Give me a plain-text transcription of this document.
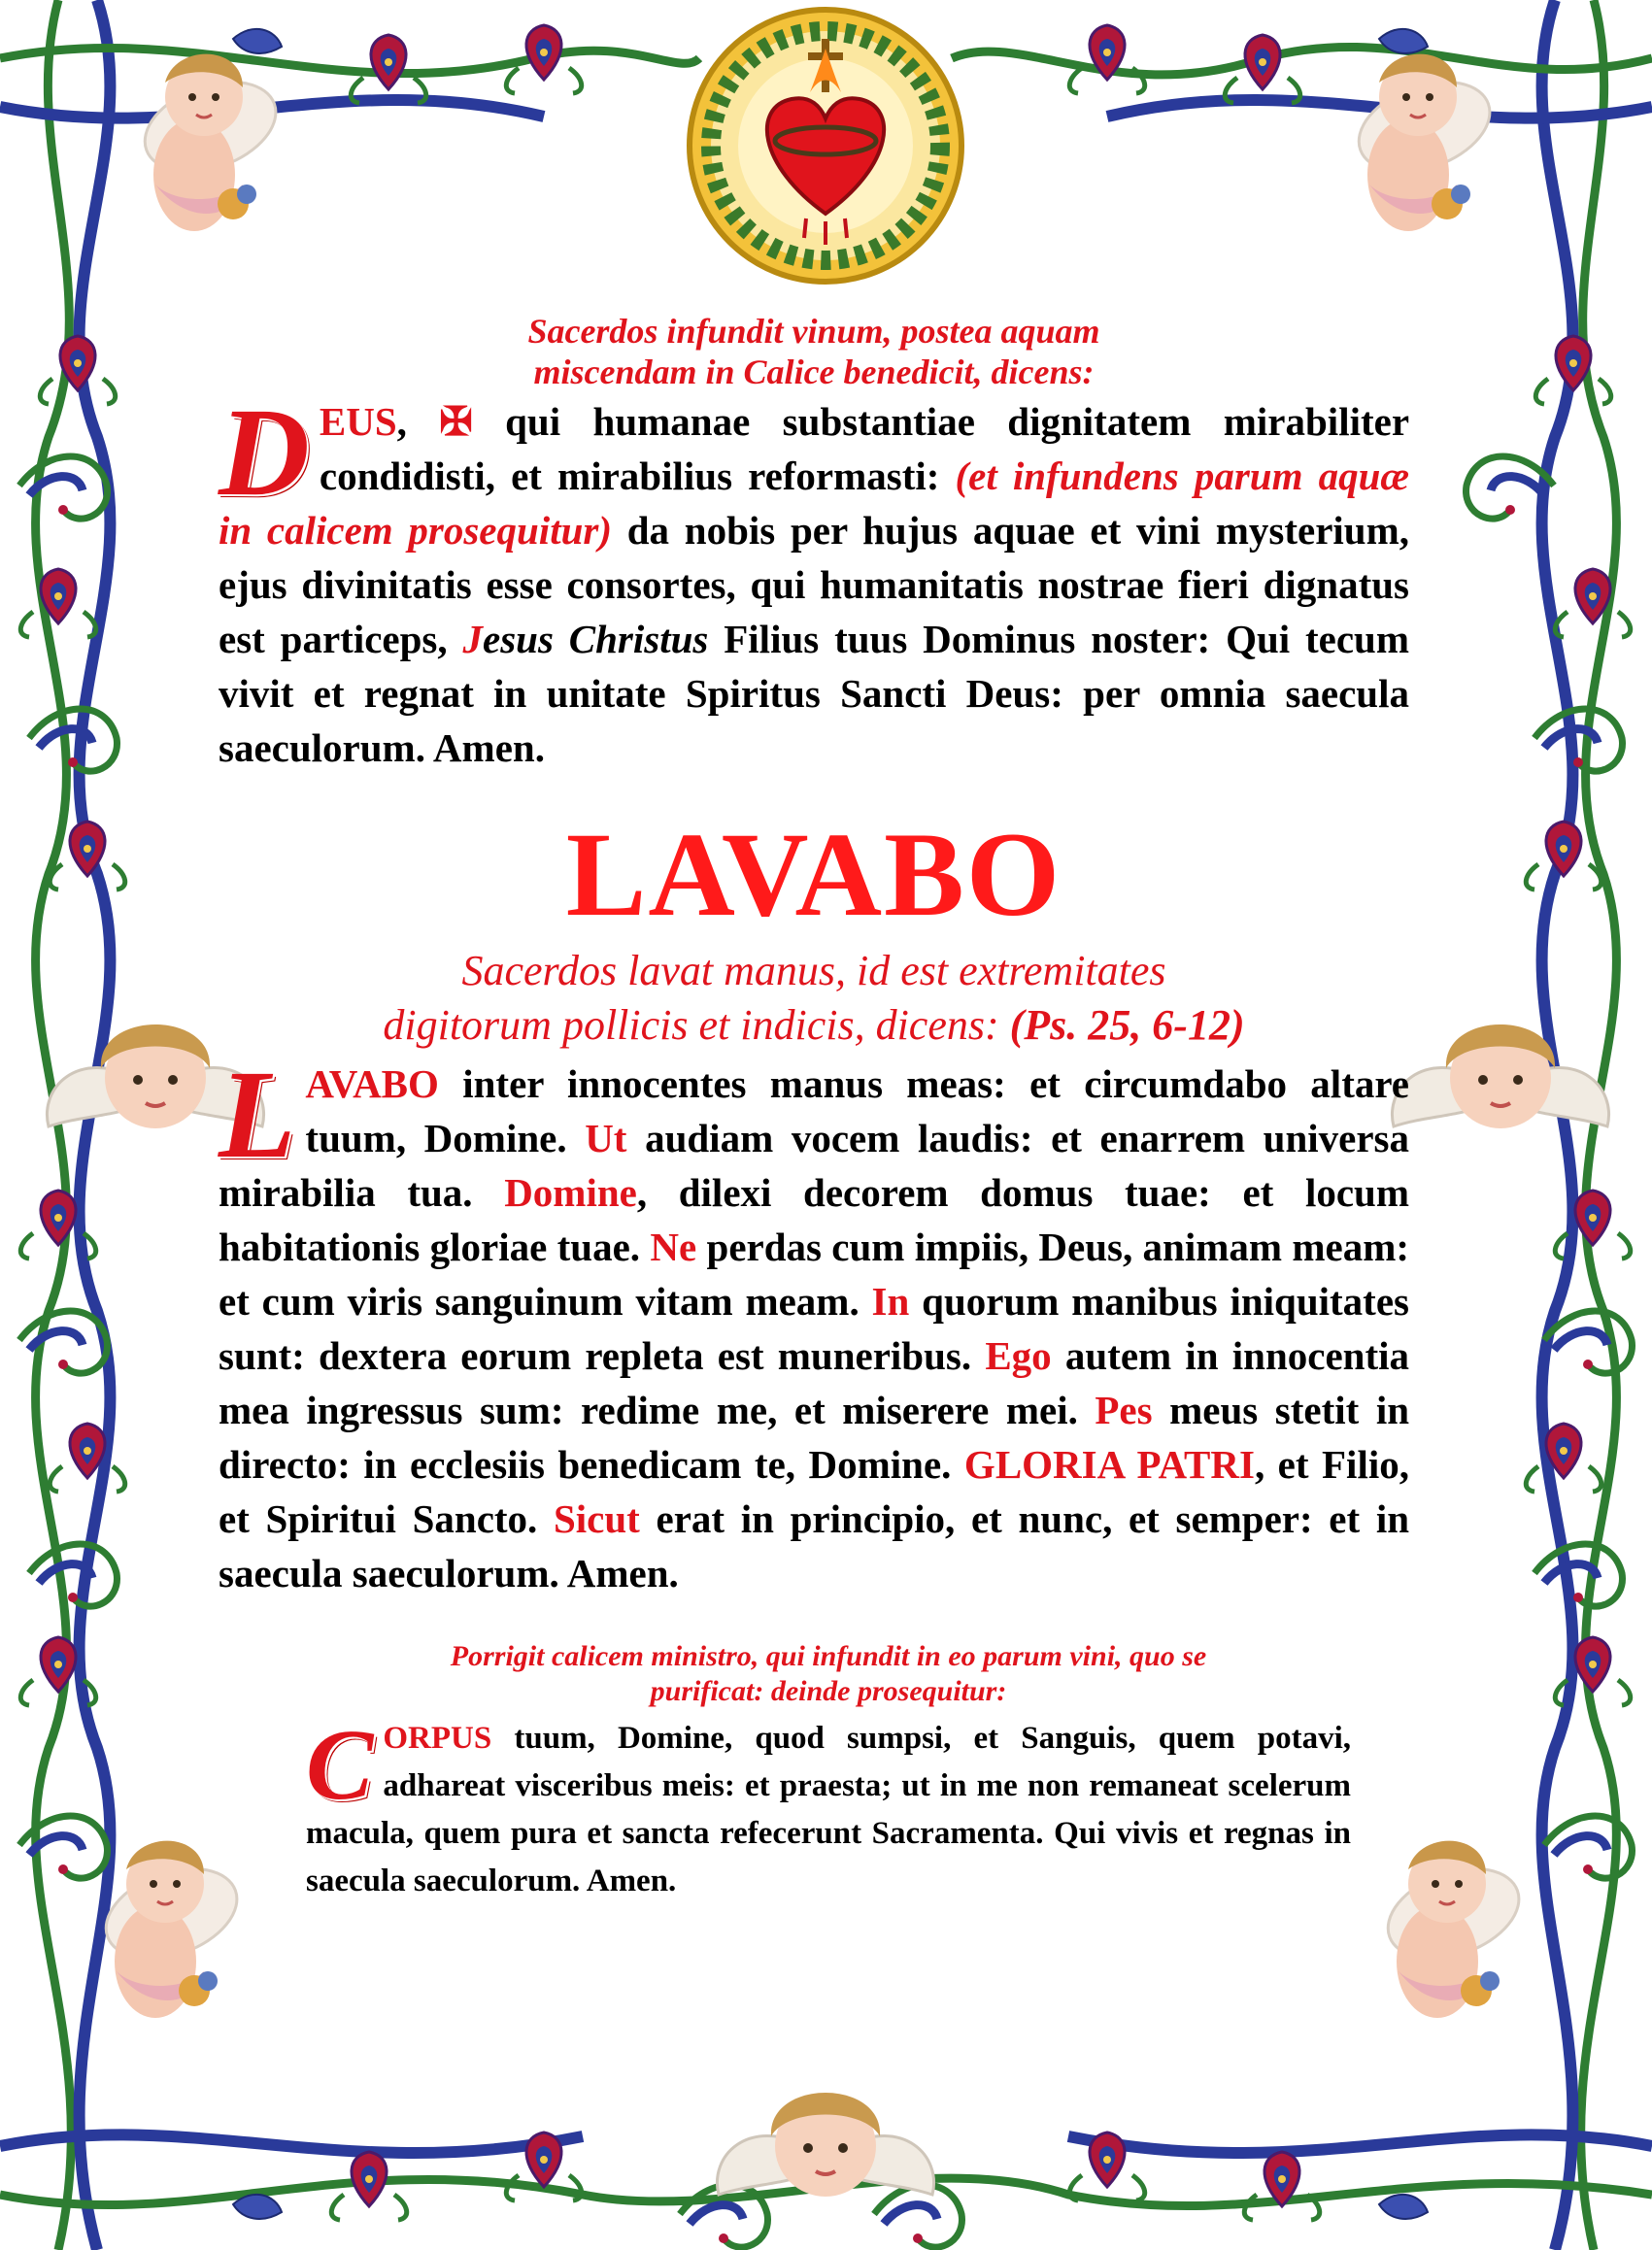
Sacerdos infundit vinum, postea aquam
miscendam in Calice benedicit, dicens:

D EUS, ✠ qui humanae substantiae dignitatem mirabiliter condidisti, et mirabilius reformasti: (et infundens parum aquæ in calicem prosequitur) da nobis per hujus aquae et vini mysterium, ejus divinitatis esse consortes, qui humanitatis nostrae fieri dignatus est particeps, Jesus Christus Filius tuus Dominus noster: Qui tecum vivit et regnat in unitate Spiritus Sancti Deus: per omnia saecula saeculorum. Amen.

LAVABO

Sacerdos lavat manus, id est extremitates
digitorum pollicis et indicis, dicens: (Ps. 25, 6-12)

L AVABO inter innocentes manus meas: et circumdabo altare tuum, Domine. Ut audiam vocem laudis: et enarrem universa mirabilia tua. Domine, dilexi decorem domus tuae: et locum habitationis gloriae tuae. Ne perdas cum impiis, Deus, animam meam: et cum viris sanguinum vitam meam. In quorum manibus iniquitates sunt: dextera eorum repleta est muneribus. Ego autem in innocentia mea ingressus sum: redime me, et miserere mei. Pes meus stetit in directo: in ecclesiis benedicam te, Domine. GLORIA PATRI, et Filio, et Spiritui Sancto. Sicut erat in principio, et nunc, et semper: et in saecula saeculorum. Amen.

Porrigit calicem ministro, qui infundit in eo parum vini, quo se
purificat: deinde prosequitur:

C ORPUS tuum, Domine, quod sumpsi, et Sanguis, quem potavi, adhareat visceribus meis: et praesta; ut in me non remaneat scelerum macula, quem pura et sancta refecerunt Sacramenta. Qui vivis et regnas in saecula saeculorum. Amen.
